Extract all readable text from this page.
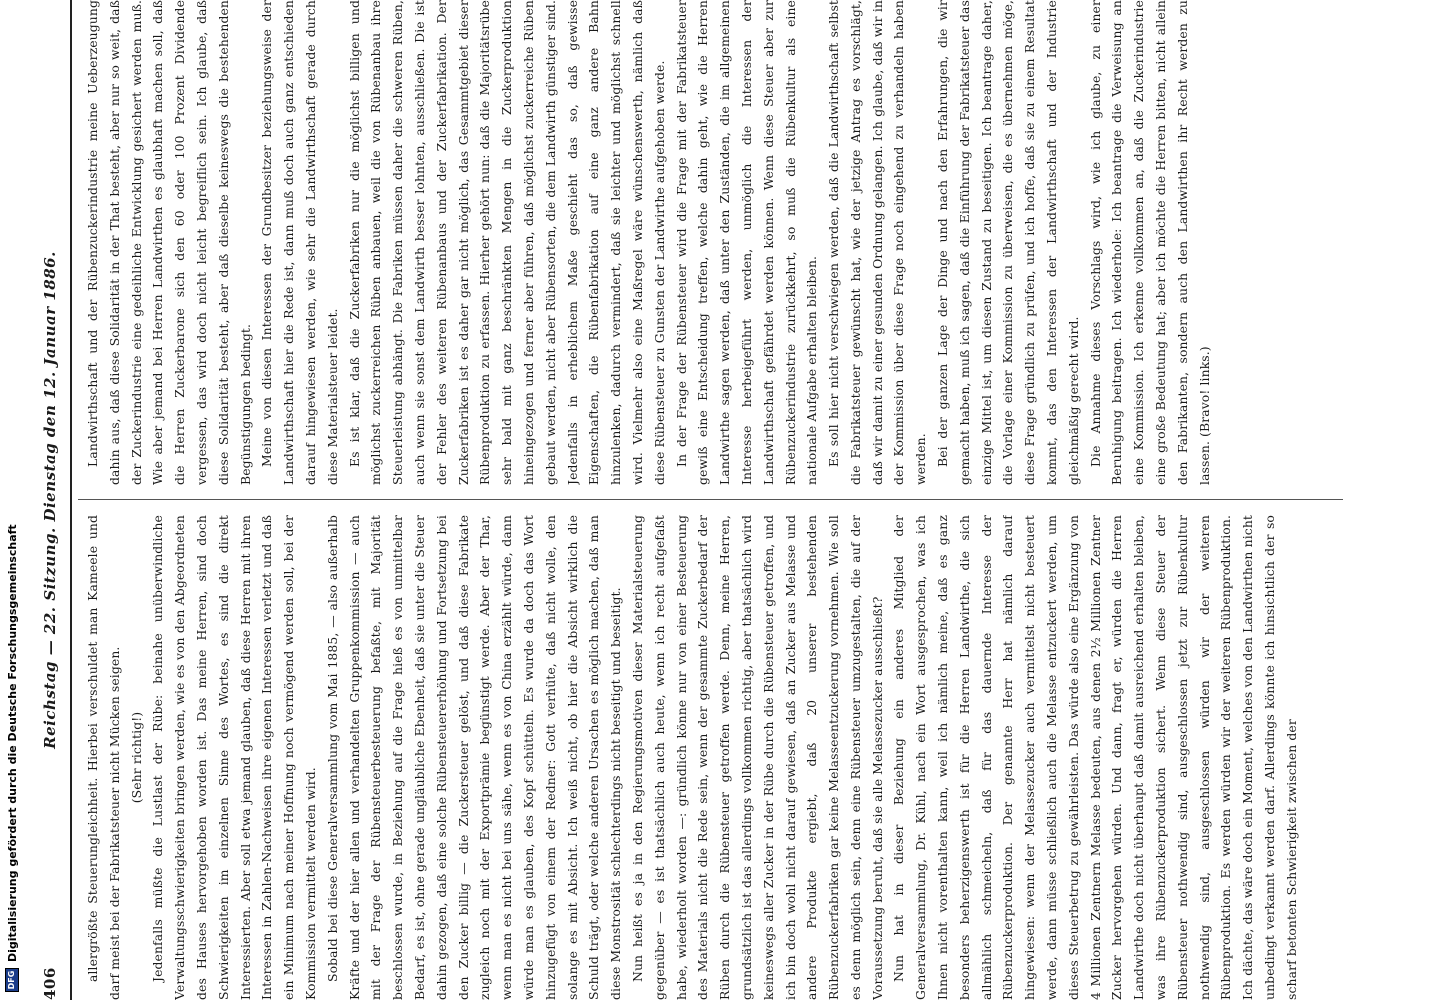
DFG
Digitalisierung gefördert durch die Deutsche Forschungsgemeinschaft
406
Reichstag — 22. Sitzung. Dienstag den 12. Januar 1886.

allergrößte Steuerungleichheit. Hierbei verschuldet man Kameele und darf meist bei der Fabrikatsteuer nicht Mücken seigen. (Sehr richtig!) Jedenfalls müßte die Lustlast der Rübe: beinahe unüberwindliche Verwaltungsschwierigkeiten bringen werden, wie es von den Abgeordneten des Hauses hervorgehoben worden ist. Das meine Herren, sind doch Schwierigkeiten im einzelnen Sinne des Wortes, es sind die direkt Interessierten. Aber soll etwa jemand glauben, daß diese Herren mit ihren Interessen in Zahlen-Nachweisen ihre eigenen Interessen verletzt und daß ein Minimum nach meiner Hoffnung noch vermögend werden soll, bei der Kommission vermittelt werden wird. Sobald bei diese Generalversammlung vom Mai 1885, — also außerhalb Kräfte und der hier allen und verhandelten Gruppenkommission — auch mit der Frage der Rübensteuerbesteuerung befaßte, mit Majorität beschlossen wurde, in Beziehung auf die Frage hieß es von unmittelbar Bedarf, es ist, ohne gerade ungläubliche Ebenheit, daß sie unter die Steuer dahin gezogen, daß eine solche Rübensteuererhöhung und Fortsetzung bei den Zucker billig — die Zuckersteuer gelöst, und daß diese Fabrikate zugleich noch mit der Exportprämie begünstigt werde. Aber der Thar, wenn man es nicht bei uns sähe, wenn es von China erzählt würde, dann würde man es glauben, des Kopf schütteln. Es wurde da doch das Wort hinzugefügt von einem der Redner: Gott verhüte, daß nicht wolle, den solange es mit Absicht. Ich weiß nicht, ob hier die Absicht wirklich die Schuld trägt, oder welche anderen Ursachen es möglich machen, daß man diese Monstrosität schlechterdings nicht beseitigt und beseitigt. Nun heißt es ja in den Regierungsmotiven dieser Materialsteuerung gegenüber — es ist thatsächlich auch heute, wenn ich recht aufgefaßt habe, wiederholt worden —: gründlich könne nur von einer Besteuerung des Materials nicht die Rede sein, wenn der gesammte Zuckerbedarf der Rüben durch die Rübensteuer getroffen werde. Denn, meine Herren, grundsätzlich ist das allerdings vollkommen richtig, aber thatsächlich wird keineswegs aller Zucker in der Rübe durch die Rübensteuer getroffen, und ich bin doch wohl nicht darauf gewiesen, daß an Zucker aus Melasse und andere Produkte ergiebt, daß 20 unserer bestehenden Rübenzuckerfabriken gar keine Melasseentzuckerung vornehmen. Wie soll es denn möglich sein, denn eine Rübensteuer umzugestalten, die auf der Voraussetzung beruht, daß sie alle Melassezucker ausschließt? Nun hat in dieser Beziehung ein anderes Mitglied der Generalversammlung, Dr. Kühl, nach ein Wort ausgesprochen, was ich Ihnen nicht vorenthalten kann, weil ich nämlich meine, daß es ganz besonders beherzigenswerth ist für die Herren Landwirthe, die sich allmählich schmeicheln, daß für das dauernde Interesse der Rübenzuckerproduktion. Der genannte Herr hat nämlich darauf hingewiesen: wenn der Melassezucker auch vermittelst nicht besteuert werde, dann müsse schließlich auch die Melasse entzuckert werden, um dieses Steuerbetrug zu gewährleisten. Das würde also eine Ergänzung von 4 Millionen Zentnern Melasse bedeuten, aus denen 2½ Millionen Zentner Zucker hervorgehen würden. Und dann, fragt er, würden die Herren Landwirthe doch nicht überhaupt daß damit ausreichend erhalten bleiben, was ihre Rübenzuckerproduktion sichert. Wenn diese Steuer der Rübensteuer nothwendig sind, ausgeschlossen jetzt zur Rübenkultur nothwendig sind, ausgeschlossen würden wir der weiteren Rübenproduktion. Es werden würden wir der weiteren Rübenproduktion. Ich dächte, das wäre doch ein Moment, welches von den Landwirthen nicht unbedingt verkannt werden darf. Allerdings könnte ich hinsichtlich der so scharf betonten Schwierigkeit zwischen der

Landwirthschaft und der Rübenzuckerindustrie meine Ueberzeugung dahin aus, daß diese Solidarität in der That besteht, aber nur so weit, daß der Zuckerindustrie eine gedeihliche Entwicklung gesichert werden muß. Wie aber jemand bei Herren Landwirthen es glaubhaft machen soll, daß die Herren Zuckerbarone sich den 60 oder 100 Prozent Dividende vergessen, das wird doch nicht leicht begreiflich sein. Ich glaube, daß diese Solidarität besteht, aber daß dieselbe keineswegs die bestehenden Begünstigungen bedingt. Meine von diesen Interessen der Grundbesitzer beziehungsweise der Landwirthschaft hier die Rede ist, dann muß doch auch ganz entschieden darauf hingewiesen werden, wie sehr die Landwirthschaft gerade durch diese Materialsteuer leidet. Es ist klar, daß die Zuckerfabriken nur die möglichst billigen und möglichst zuckerreichen Rüben anbauen, weil die von Rübenanbau ihre Steuerleistung abhängt. Die Fabriken müssen daher die schweren Rüben, auch wenn sie sonst dem Landwirth besser lohnten, ausschließen. Die ist der Fehler des weiteren Rübenanbaus und der Zuckerfabrikation. Der Zuckerfabriken ist es daher gar nicht möglich, das Gesammtgebiet dieser Rübenproduktion zu erfassen. Hierher gehört nun: daß die Majoritätsrübe sehr bald mit ganz beschränkten Mengen in die Zuckerproduktion hineingezogen und ferner aber führen, daß möglichst zuckerreiche Rüben gebaut werden, nicht aber Rübensorten, die dem Landwirth günstiger sind. Jedenfalls in erheblichem Maße geschieht das so, daß gewisse Eigenschaften, die Rübenfabrikation auf eine ganz andere Bahn hinzulenken, dadurch vermindert, daß sie leichter und möglichst schnell wird. Vielmehr also eine Maßregel wäre wünschenswerth, nämlich daß diese Rübensteuer zu Gunsten der Landwirthe aufgehoben werde. In der Frage der Rübensteuer wird die Frage mit der Fabrikatsteuer gewiß eine Entscheidung treffen, welche dahin geht, wie die Herren Landwirthe sagen werden, daß unter den Zuständen, die im allgemeinen Interesse herbeigeführt werden, unmöglich die Interessen der Landwirthschaft gefährdet werden können. Wenn diese Steuer aber zur Rübenzuckerindustrie zurückkehrt, so muß die Rübenkultur als eine nationale Aufgabe erhalten bleiben. Es soll hier nicht verschwiegen werden, daß die Landwirthschaft selbst die Fabrikatsteuer gewünscht hat, wie der jetzige Antrag es vorschlägt, daß wir damit zu einer gesunden Ordnung gelangen. Ich glaube, daß wir in der Kommission über diese Frage noch eingehend zu verhandeln haben werden. Bei der ganzen Lage der Dinge und nach den Erfahrungen, die wir gemacht haben, muß ich sagen, daß die Einführung der Fabrikatsteuer das einzige Mittel ist, um diesen Zustand zu beseitigen. Ich beantrage daher, die Vorlage einer Kommission zu überweisen, die es übernehmen möge, diese Frage gründlich zu prüfen, und ich hoffe, daß sie zu einem Resultat kommt, das den Interessen der Landwirthschaft und der Industrie gleichmäßig gerecht wird. Die Annahme dieses Vorschlags wird, wie ich glaube, zu einer Beruhigung beitragen. Ich wiederhole: Ich beantrage die Verweisung an eine Kommission. Ich erkenne vollkommen an, daß die Zuckerindustrie eine große Bedeutung hat; aber ich möchte die Herren bitten, nicht allein den Fabrikanten, sondern auch den Landwirthen ihr Recht werden zu lassen. (Bravo! links.)
